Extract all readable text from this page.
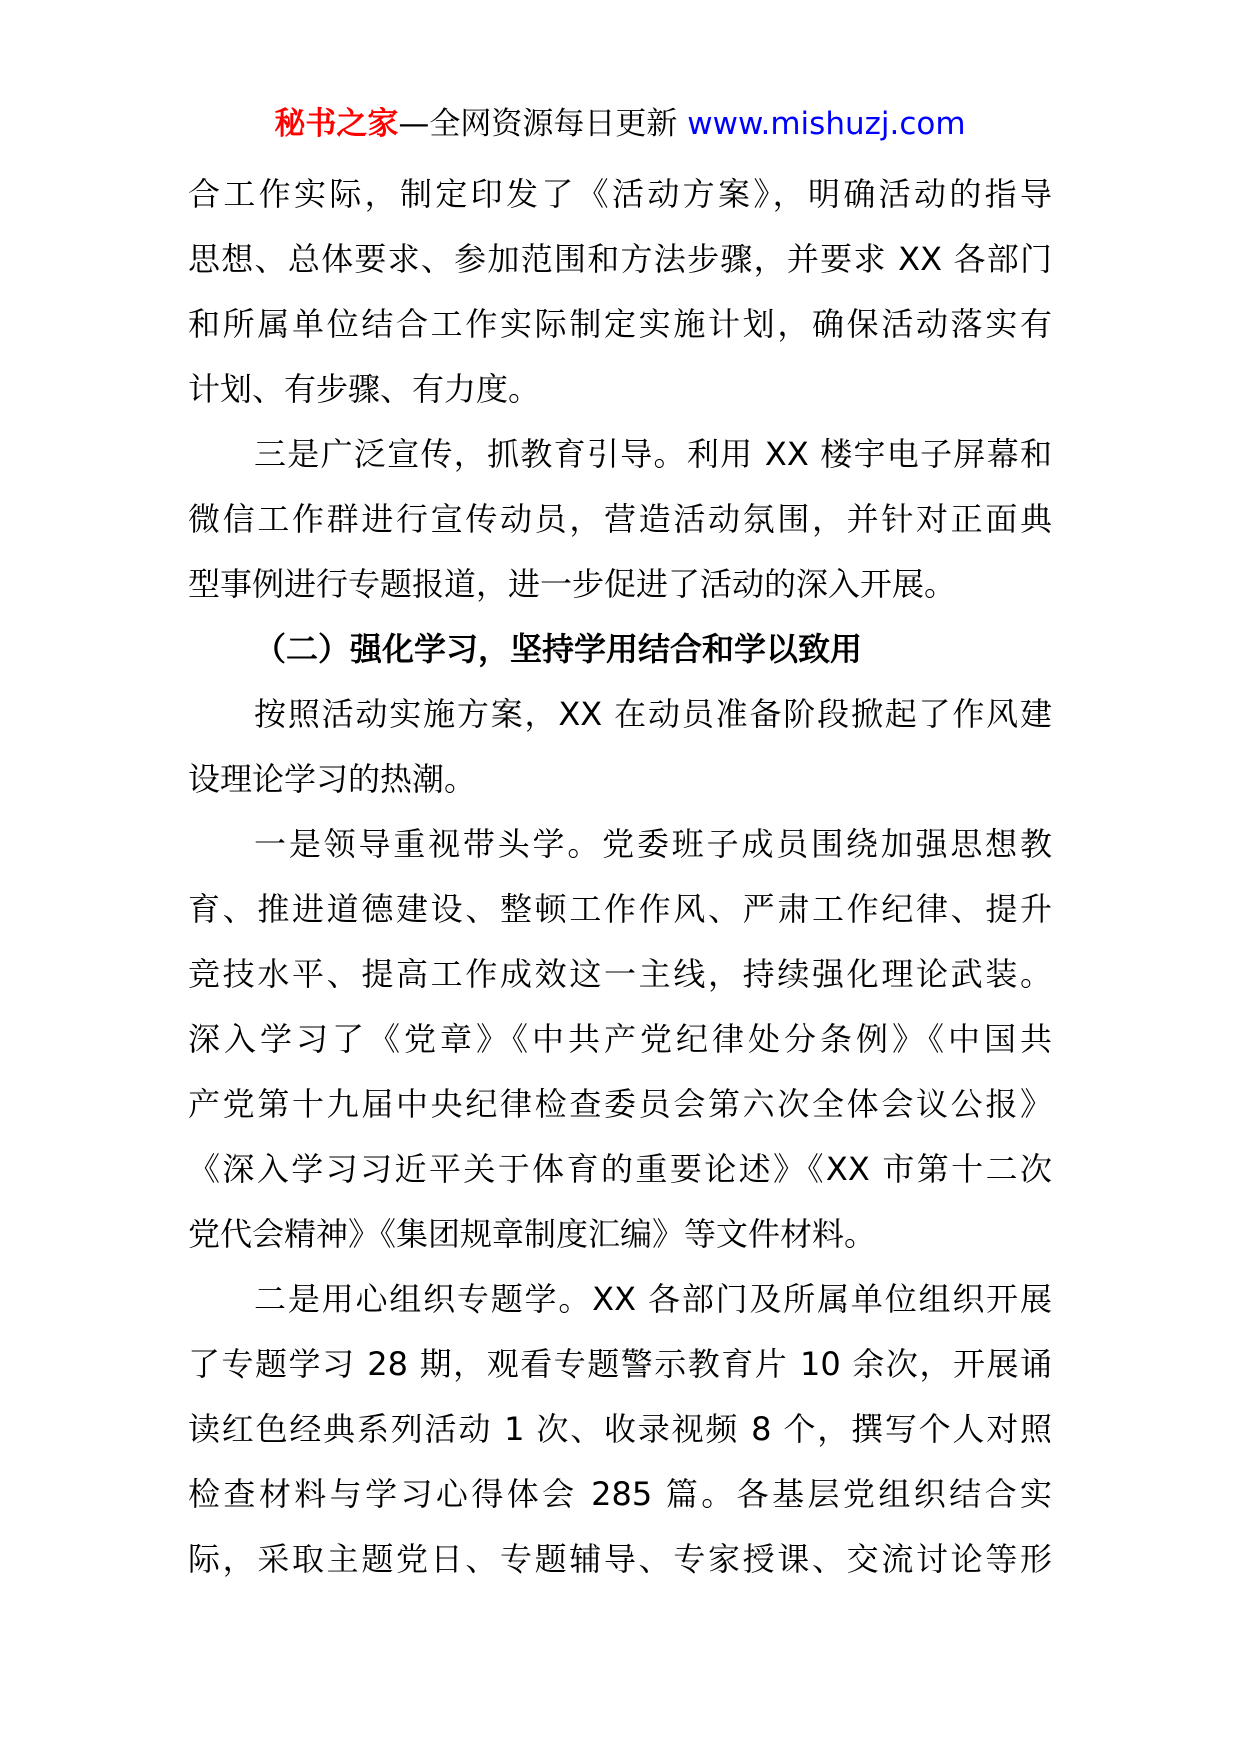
秘书之家—全网资源每日更新 www.mishuzj.com
合工作实际，制定印发了《活动方案》，明确活动的指导
思想、总体要求、参加范围和方法步骤，并要求 XX 各部门
和所属单位结合工作实际制定实施计划，确保活动落实有
计划、有步骤、有力度。
三是广泛宣传，抓教育引导。利用 XX 楼宇电子屏幕和
微信工作群进行宣传动员，营造活动氛围，并针对正面典
型事例进行专题报道，进一步促进了活动的深入开展。
（二）强化学习，坚持学用结合和学以致用
按照活动实施方案，XX 在动员准备阶段掀起了作风建
设理论学习的热潮。
一是领导重视带头学。党委班子成员围绕加强思想教
育、推进道德建设、整顿工作作风、严肃工作纪律、提升
竞技水平、提高工作成效这一主线，持续强化理论武装。
深入学习了《党章》《中共产党纪律处分条例》《中国共
产党第十九届中央纪律检查委员会第六次全体会议公报》
《深入学习习近平关于体育的重要论述》《XX 市第十二次
党代会精神》《集团规章制度汇编》等文件材料。
二是用心组织专题学。XX 各部门及所属单位组织开展
了专题学习 28 期，观看专题警示教育片 10 余次，开展诵
读红色经典系列活动 1 次、收录视频 8 个，撰写个人对照
检查材料与学习心得体会 285 篇。各基层党组织结合实
际，采取主题党日、专题辅导、专家授课、交流讨论等形
